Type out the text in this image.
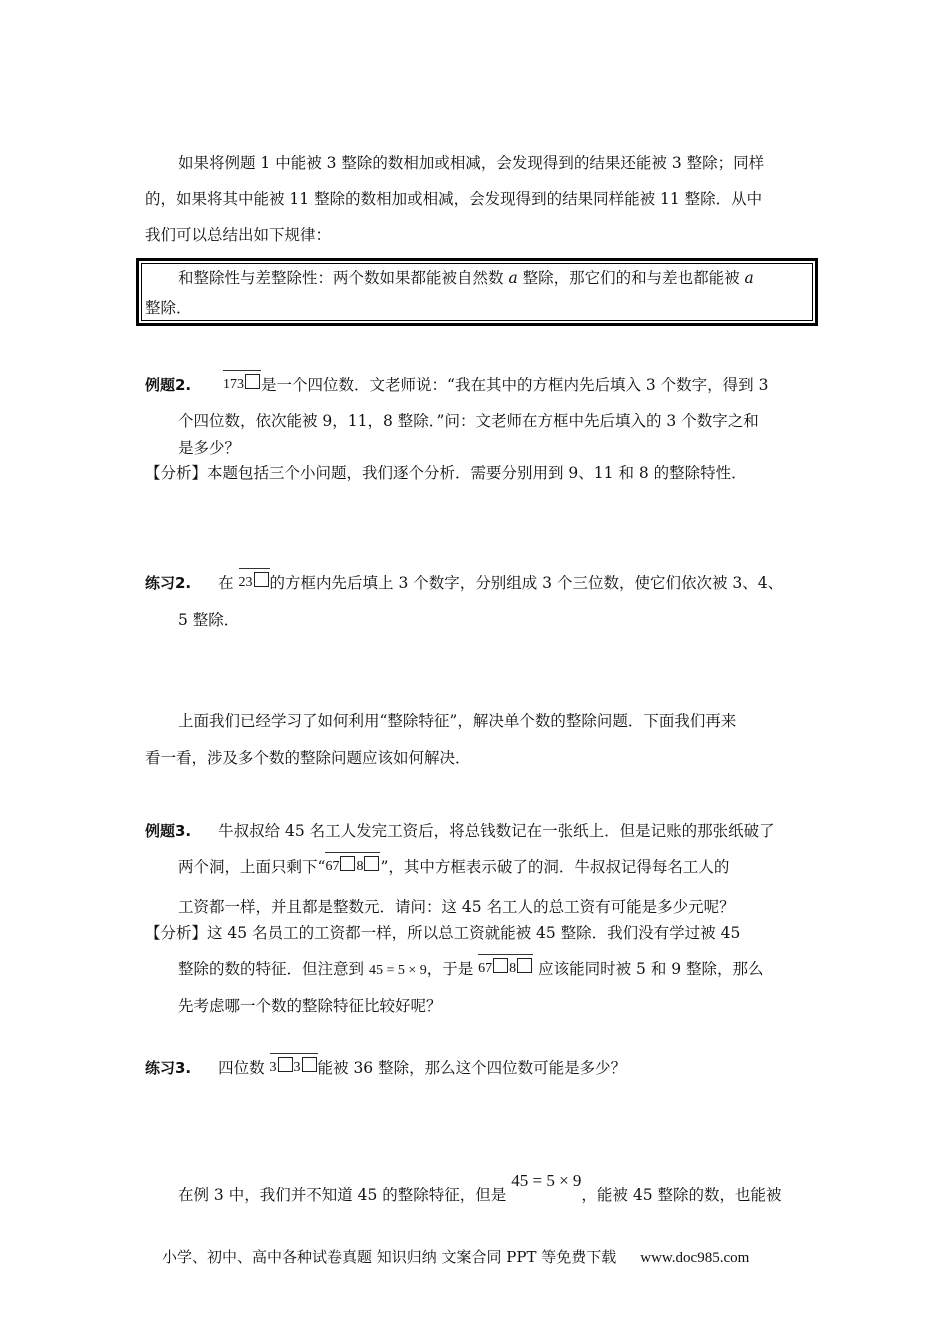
如果将例题 1 中能被 3 整除的数相加或相减，会发现得到的结果还能被 3 整除；同样
的，如果将其中能被 11 整除的数相加或相减，会发现得到的结果同样能被 11 整除．从中
我们可以总结出如下规律：
和整除性与差整除性：两个数如果都能被自然数 a 整除，那它们的和与差也都能被 a
整除．
例题2. 173 是一个四位数．文老师说：“我在其中的方框内先后填入 3 个数字，得到 3
个四位数，依次能被 9，11，8 整除．”问：文老师在方框中先后填入的 3 个数字之和
是多少？
【分析】本题包括三个小问题，我们逐个分析．需要分别用到 9、11 和 8 的整除特性．
练习2. 在 23 的方框内先后填上 3 个数字，分别组成 3 个三位数，使它们依次被 3、4、
5 整除．
上面我们已经学习了如何利用“整除特征”，解决单个数的整除问题．下面我们再来
看一看，涉及多个数的整除问题应该如何解决．
例题3. 牛叔叔给 45 名工人发完工资后，将总钱数记在一张纸上．但是记账的那张纸破了
两个洞，上面只剩下“67 8 ”，其中方框表示破了的洞．牛叔叔记得每名工人的
工资都一样，并且都是整数元．请问：这 45 名工人的总工资有可能是多少元呢？
【分析】这 45 名员工的工资都一样，所以总工资就能被 45 整除．我们没有学过被 45
整除的数的特征．但注意到 45 = 5 × 9，于是 67 8 应该能同时被 5 和 9 整除，那么
先考虑哪一个数的整除特征比较好呢？
练习3. 四位数 3 3 能被 36 整除，那么这个四位数可能是多少？
在例 3 中，我们并不知道 45 的整除特征，但是 45 = 5 × 9，能被 45 整除的数，也能被
小学、初中、高中各种试卷真题 知识归纳 文案合同 PPT 等免费下载 www.doc985.com
